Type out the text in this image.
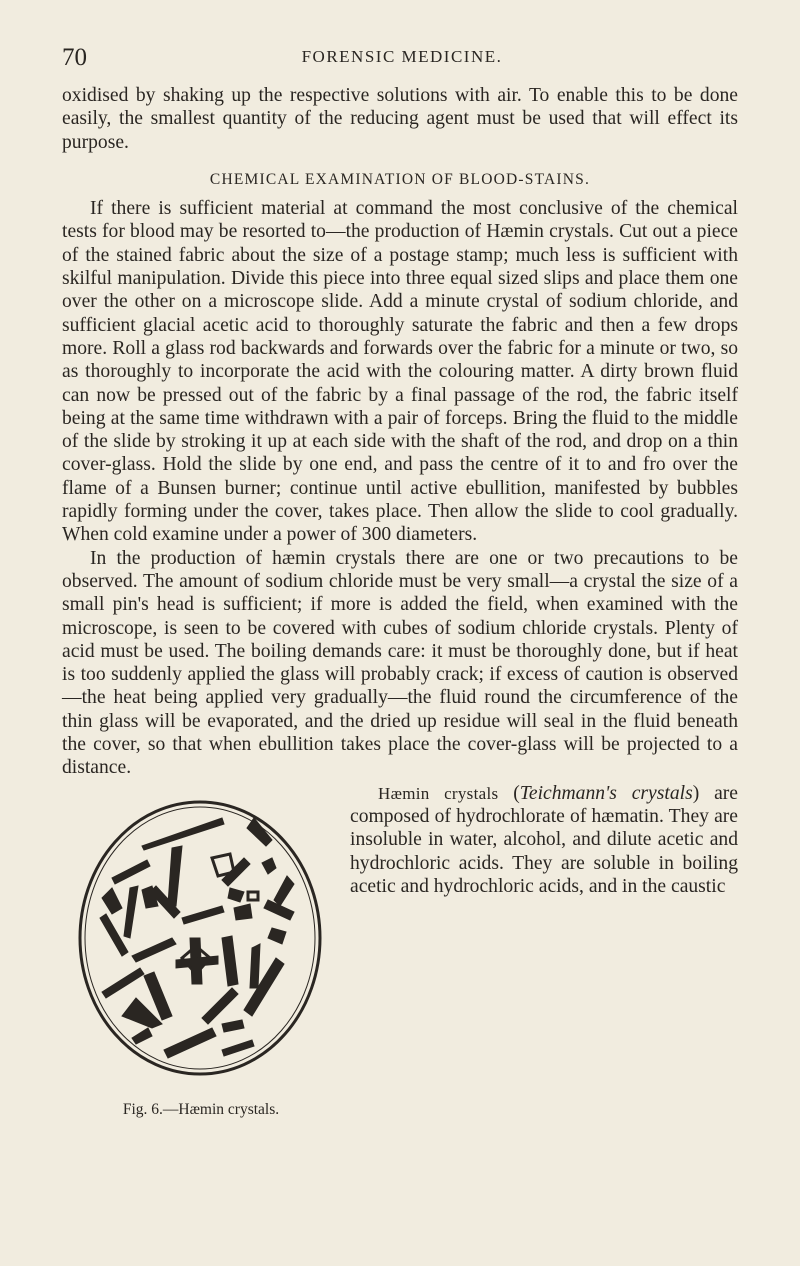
70	FORENSIC MEDICINE.

oxidised by shaking up the respective solutions with air. To enable this to be done easily, the smallest quantity of the reducing agent must be used that will effect its purpose.

CHEMICAL EXAMINATION OF BLOOD-STAINS.

If there is sufficient material at command the most conclusive of the chemical tests for blood may be resorted to—the production of Hæmin crystals. Cut out a piece of the stained fabric about the size of a postage stamp; much less is sufficient with skilful manipulation. Divide this piece into three equal sized slips and place them one over the other on a microscope slide. Add a minute crystal of sodium chloride, and sufficient glacial acetic acid to thoroughly saturate the fabric and then a few drops more. Roll a glass rod backwards and forwards over the fabric for a minute or two, so as thoroughly to incorporate the acid with the colouring matter. A dirty brown fluid can now be pressed out of the fabric by a final passage of the rod, the fabric itself being at the same time withdrawn with a pair of forceps. Bring the fluid to the middle of the slide by stroking it up at each side with the shaft of the rod, and drop on a thin cover-glass. Hold the slide by one end, and pass the centre of it to and fro over the flame of a Bunsen burner; continue until active ebullition, manifested by bubbles rapidly forming under the cover, takes place. Then allow the slide to cool gradually. When cold examine under a power of 300 diameters.

In the production of hæmin crystals there are one or two precautions to be observed. The amount of sodium chloride must be very small—a crystal the size of a small pin's head is sufficient; if more is added the field, when examined with the microscope, is seen to be covered with cubes of sodium chloride crystals. Plenty of acid must be used. The boiling demands care: it must be thoroughly done, but if heat is too suddenly applied the glass will probably crack; if excess of caution is observed—the heat being applied very gradually—the fluid round the circumference of the thin glass will be evaporated, and the dried up residue will seal in the fluid beneath the cover, so that when ebullition takes place the cover-glass will be projected to a distance.

Fig. 6.—Hæmin crystals.

Hæmin crystals (Teichmann's crystals) are composed of hydrochlorate of hæmatin. They are insoluble in water, alcohol, and dilute acetic and hydrochloric acids. They are soluble in boiling acetic and hydrochloric acids, and in the caustic
